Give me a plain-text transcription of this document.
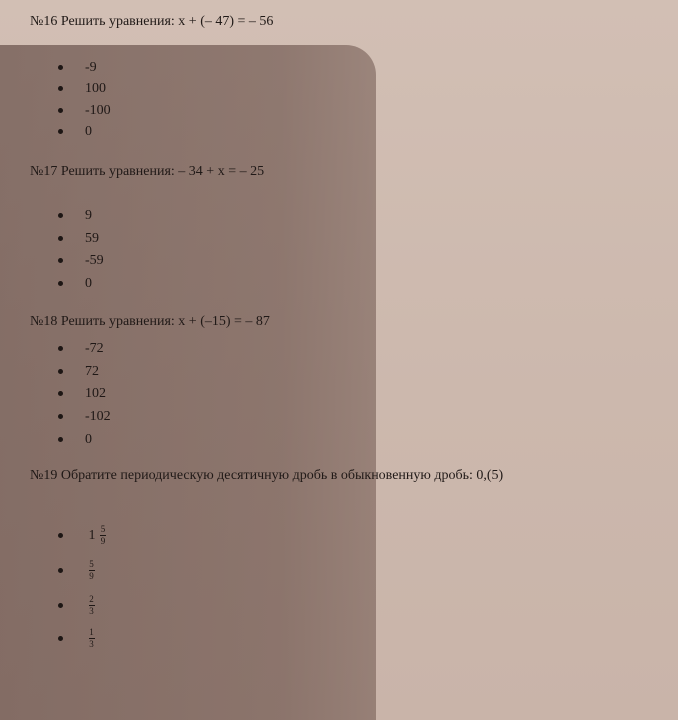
№16 Решить уравнения: x + (– 47) = – 56
-9
100
-100
0
№17 Решить уравнения: – 34 + x = – 25
9
59
-59
0
№18 Решить уравнения: x + (–15) = – 87
-72
72
102
-102
0
№19 Обратите периодическую десятичную дробь в обыкновенную дробь: 0,(5)
$1 \frac{5}{9}$

$\frac{5}{9}$

$\frac{2}{3}$

$\frac{1}{3}$
